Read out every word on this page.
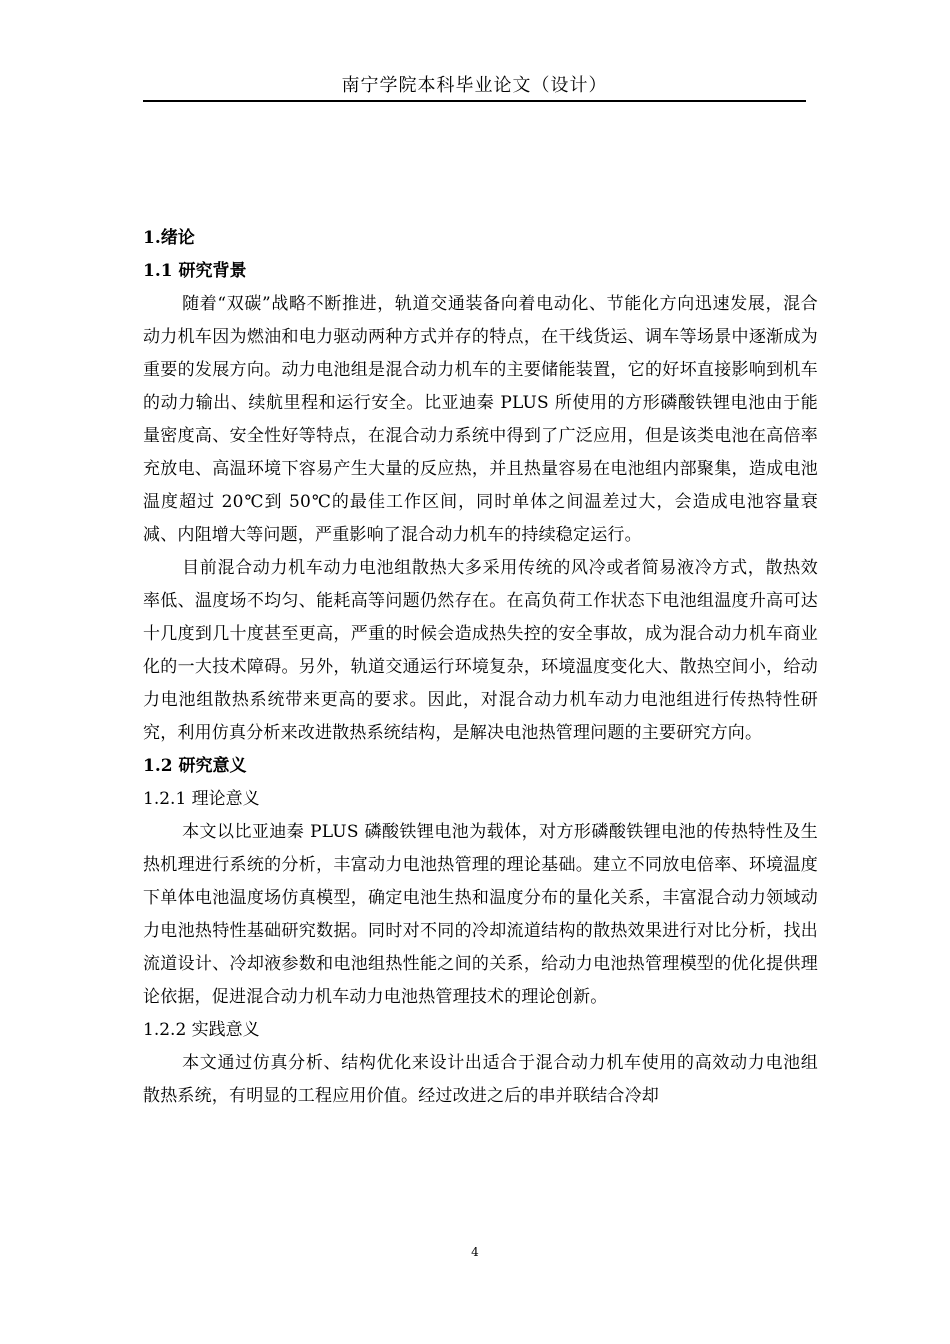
南宁学院本科毕业论文（设计）

1.绪论

1.1 研究背景

随着“双碳”战略不断推进，轨道交通装备向着电动化、节能化方向迅速发展，混合动力机车因为燃油和电力驱动两种方式并存的特点，在干线货运、调车等场景中逐渐成为重要的发展方向。动力电池组是混合动力机车的主要储能装置，它的好坏直接影响到机车的动力输出、续航里程和运行安全。比亚迪秦 PLUS 所使用的方形磷酸铁锂电池由于能量密度高、安全性好等特点，在混合动力系统中得到了广泛应用，但是该类电池在高倍率充放电、高温环境下容易产生大量的反应热，并且热量容易在电池组内部聚集，造成电池温度超过 20℃到 50℃的最佳工作区间，同时单体之间温差过大，会造成电池容量衰减、内阻增大等问题，严重影响了混合动力机车的持续稳定运行。

目前混合动力机车动力电池组散热大多采用传统的风冷或者简易液冷方式，散热效率低、温度场不均匀、能耗高等问题仍然存在。在高负荷工作状态下电池组温度升高可达十几度到几十度甚至更高，严重的时候会造成热失控的安全事故，成为混合动力机车商业化的一大技术障碍。另外，轨道交通运行环境复杂，环境温度变化大、散热空间小，给动力电池组散热系统带来更高的要求。因此，对混合动力机车动力电池组进行传热特性研究，利用仿真分析来改进散热系统结构，是解决电池热管理问题的主要研究方向。

1.2 研究意义

1.2.1 理论意义

本文以比亚迪秦 PLUS 磷酸铁锂电池为载体，对方形磷酸铁锂电池的传热特性及生热机理进行系统的分析，丰富动力电池热管理的理论基础。建立不同放电倍率、环境温度下单体电池温度场仿真模型，确定电池生热和温度分布的量化关系，丰富混合动力领域动力电池热特性基础研究数据。同时对不同的冷却流道结构的散热效果进行对比分析，找出流道设计、冷却液参数和电池组热性能之间的关系，给动力电池热管理模型的优化提供理论依据，促进混合动力机车动力电池热管理技术的理论创新。

1.2.2 实践意义

本文通过仿真分析、结构优化来设计出适合于混合动力机车使用的高效动力电池组散热系统，有明显的工程应用价值。经过改进之后的串并联结合冷却

4
